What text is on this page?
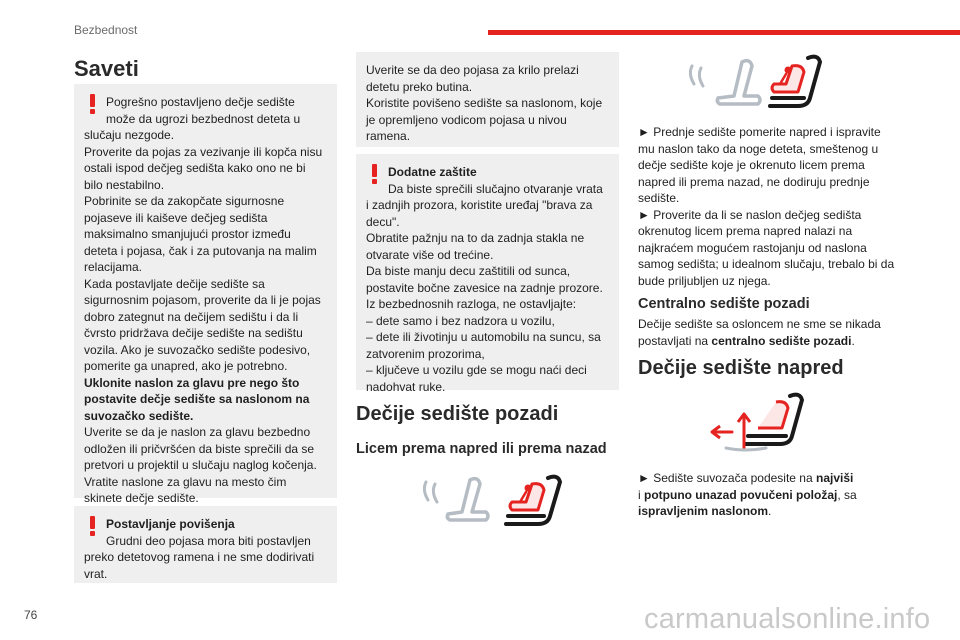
Bezbednost
Saveti

Pogrešno postavljeno dečje sedište

može da ugrozi bezbednost deteta u

slučaju nezgode.

Proverite da pojas za vezivanje ili kopča nisu ostali ispod dečjeg sedišta kako ono ne bi bilo nestabilno.

Pobrinite se da zakopčate sigurnosne pojaseve ili kaiševe dečjeg sedišta maksimalno smanjujući prostor između deteta i pojasa, čak i za putovanja na malim relacijama.

Kada postavljate dečije sedište sa sigurnosnim pojasom, proverite da li je pojas dobro zategnut na dečijem sedištu i da li čvrsto pridržava dečije sedište na sedištu vozila. Ako je suvozačko sedište podesivo, pomerite ga unapred, ako je potrebno.

Uklonite naslon za glavu pre nego što postavite dečje sedište sa naslonom na suvozačko sedište.

Uverite se da je naslon za glavu bezbedno odložen ili pričvršćen da biste sprečili da se pretvori u projektil u slučaju naglog kočenja. Vratite naslone za glavu na mesto čim skinete dečje sedište.

Postavljanje povišenja

Grudni deo pojasa mora biti postavljen

preko detetovog ramena i ne sme dodirivati vrat.

Uverite se da deo pojasa za krilo prelazi detetu preko butina.

Koristite povišeno sedište sa naslonom, koje je opremljeno vodicom pojasa u nivou ramena.

Dodatne zaštite

Da biste sprečili slučajno otvaranje vrata

i zadnjih prozora, koristite uređaj "brava za decu".

Obratite pažnju na to da zadnja stakla ne otvarate više od trećine.

Da biste manju decu zaštitili od sunca, postavite bočne zavesice na zadnje prozore.

Iz bezbednosnih razloga, ne ostavljajte:

– dete samo i bez nadzora u vozilu,

– dete ili životinju u automobilu na suncu, sa zatvorenim prozorima,

– ključeve u vozilu gde se mogu naći deci nadohvat ruke.

Dečije sedište pozadi
Licem prema napred ili prema nazad

► Prednje sedište pomerite napred i ispravite mu naslon tako da noge deteta, smeštenog u dečje sedište koje je okrenuto licem prema napred ili prema nazad, ne dodiruju prednje sedište.

► Proverite da li se naslon dečjeg sedišta okrenutog licem prema napred nalazi na najkraćem mogućem rastojanju od naslona samog sedišta; u idealnom slučaju, trebalo bi da bude priljubljen uz njega.

Centralno sedište pozadi

Dečije sedište sa osloncem ne sme se nikada postavljati na centralno sedište pozadi.

Dečije sedište napred

► Sedište suvozača podesite na najviši

i potpuno unazad povučeni položaj, sa ispravljenim naslonom.

76	carmanualsonline.info
